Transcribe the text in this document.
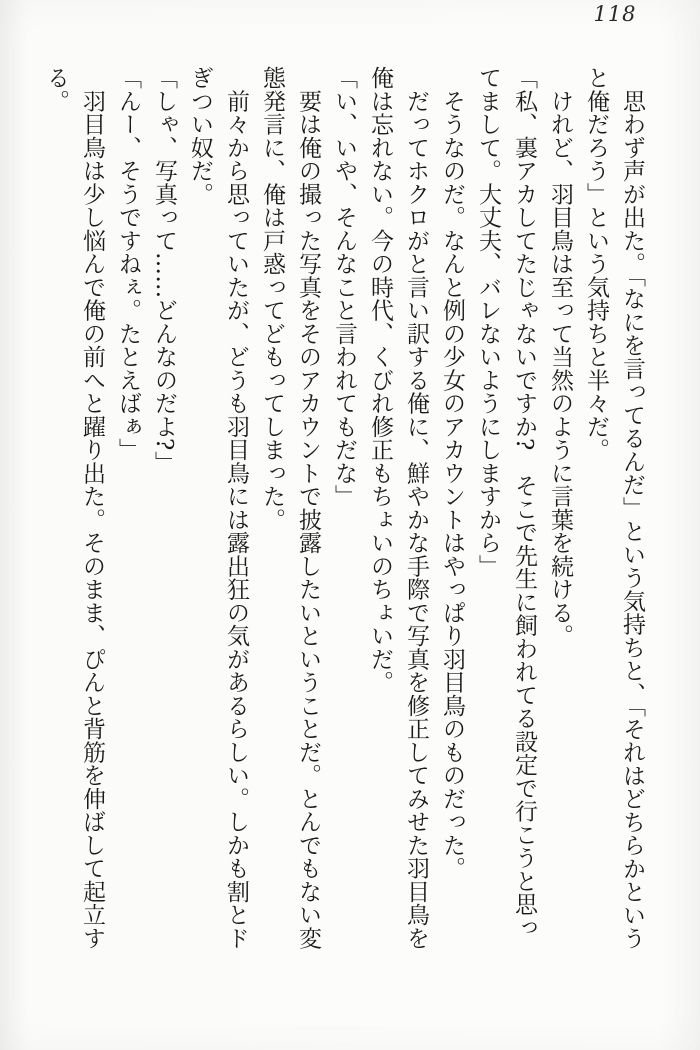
118

　思わず声が出た。「なにを言ってるんだ」という気持ちと、「それはどちらかという

と俺だろう」という気持ちと半々だ。

　けれど、羽目鳥は至って当然のように言葉を続ける。

「私、裏アカしてたじゃないですか?　そこで先生に飼われてる設定で行こうと思っ

てまして。大丈夫、バレないようにしますから」

　そうなのだ。なんと例の少女のアカウントはやっぱり羽目鳥のものだった。

　だってホクロがと言い訳する俺に、鮮やかな手際で写真を修正してみせた羽目鳥を

俺は忘れない。今の時代、くびれ修正もちょいのちょいだ。

「い、いや、そんなこと言われてもだな」

　要は俺の撮った写真をそのアカウントで披露したいということだ。とんでもない変

態発言に、俺は戸惑ってどもってしまった。

　前々から思っていたが、どうも羽目鳥には露出狂の気があるらしい。しかも割とド

ぎつい奴だ。

「しゃ、写真って……どんなのだよ?」

「んー、そうですねぇ。たとえばぁ」

　羽目鳥は少し悩んで俺の前へと躍り出た。そのまま、ぴんと背筋を伸ばして起立す

る。
